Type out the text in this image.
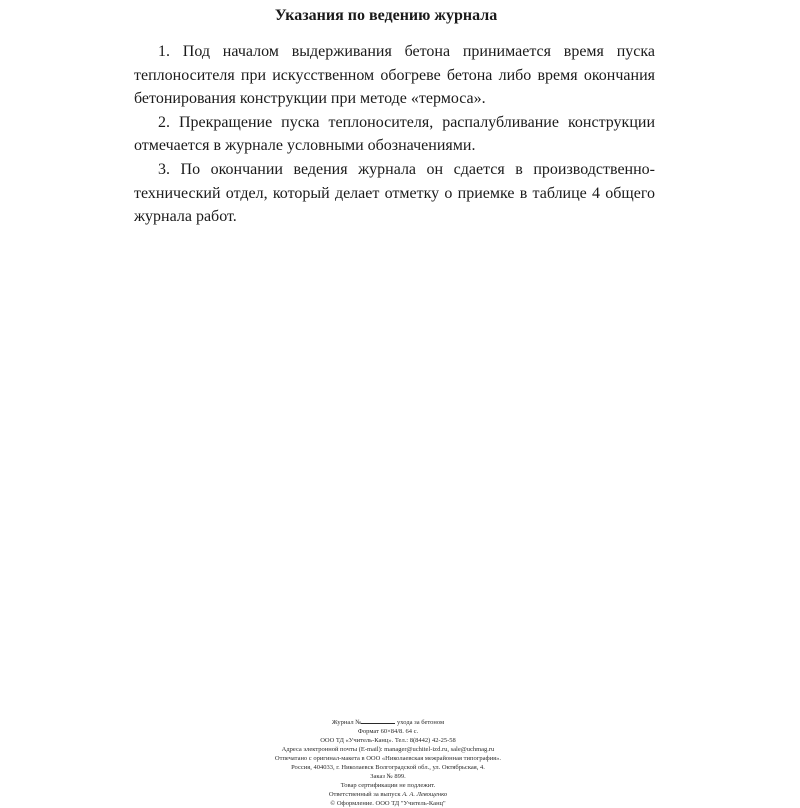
Указания по ведению журнала

1. Под началом выдерживания бетона принимается время пуска теплоносителя при искусственном обогреве бетона либо время окончания бетонирования конструкции при методе «термоса».

2. Прекращение пуска теплоносителя, распалубливание конструкции отмечается в журнале условными обозначениями.

3. По окончании ведения журнала он сдается в производственно-технический отдел, который делает отметку о приемке в таблице 4 общего журнала работ.

Журнал №	ухода за бетоном
Формат 60×84/8. 64 с.
ООО ТД «Учитель-Канц». Тел.: 8(8442) 42-25-58
Адреса электронной почты (E-mail): manager@uchitel-izd.ru, sale@uchmag.ru
Отпечатано с оригинал-макета в ООО «Николаевская межрайонная типография».
Россия, 404033, г. Николаевск Волгоградской обл., ул. Октябрьская, 4.
Заказ № 899.
Товар сертификации не подлежит.
Ответственный за выпуск А. А. Левощенко
© Оформление. ООО ТД "Учитель-Канц"
